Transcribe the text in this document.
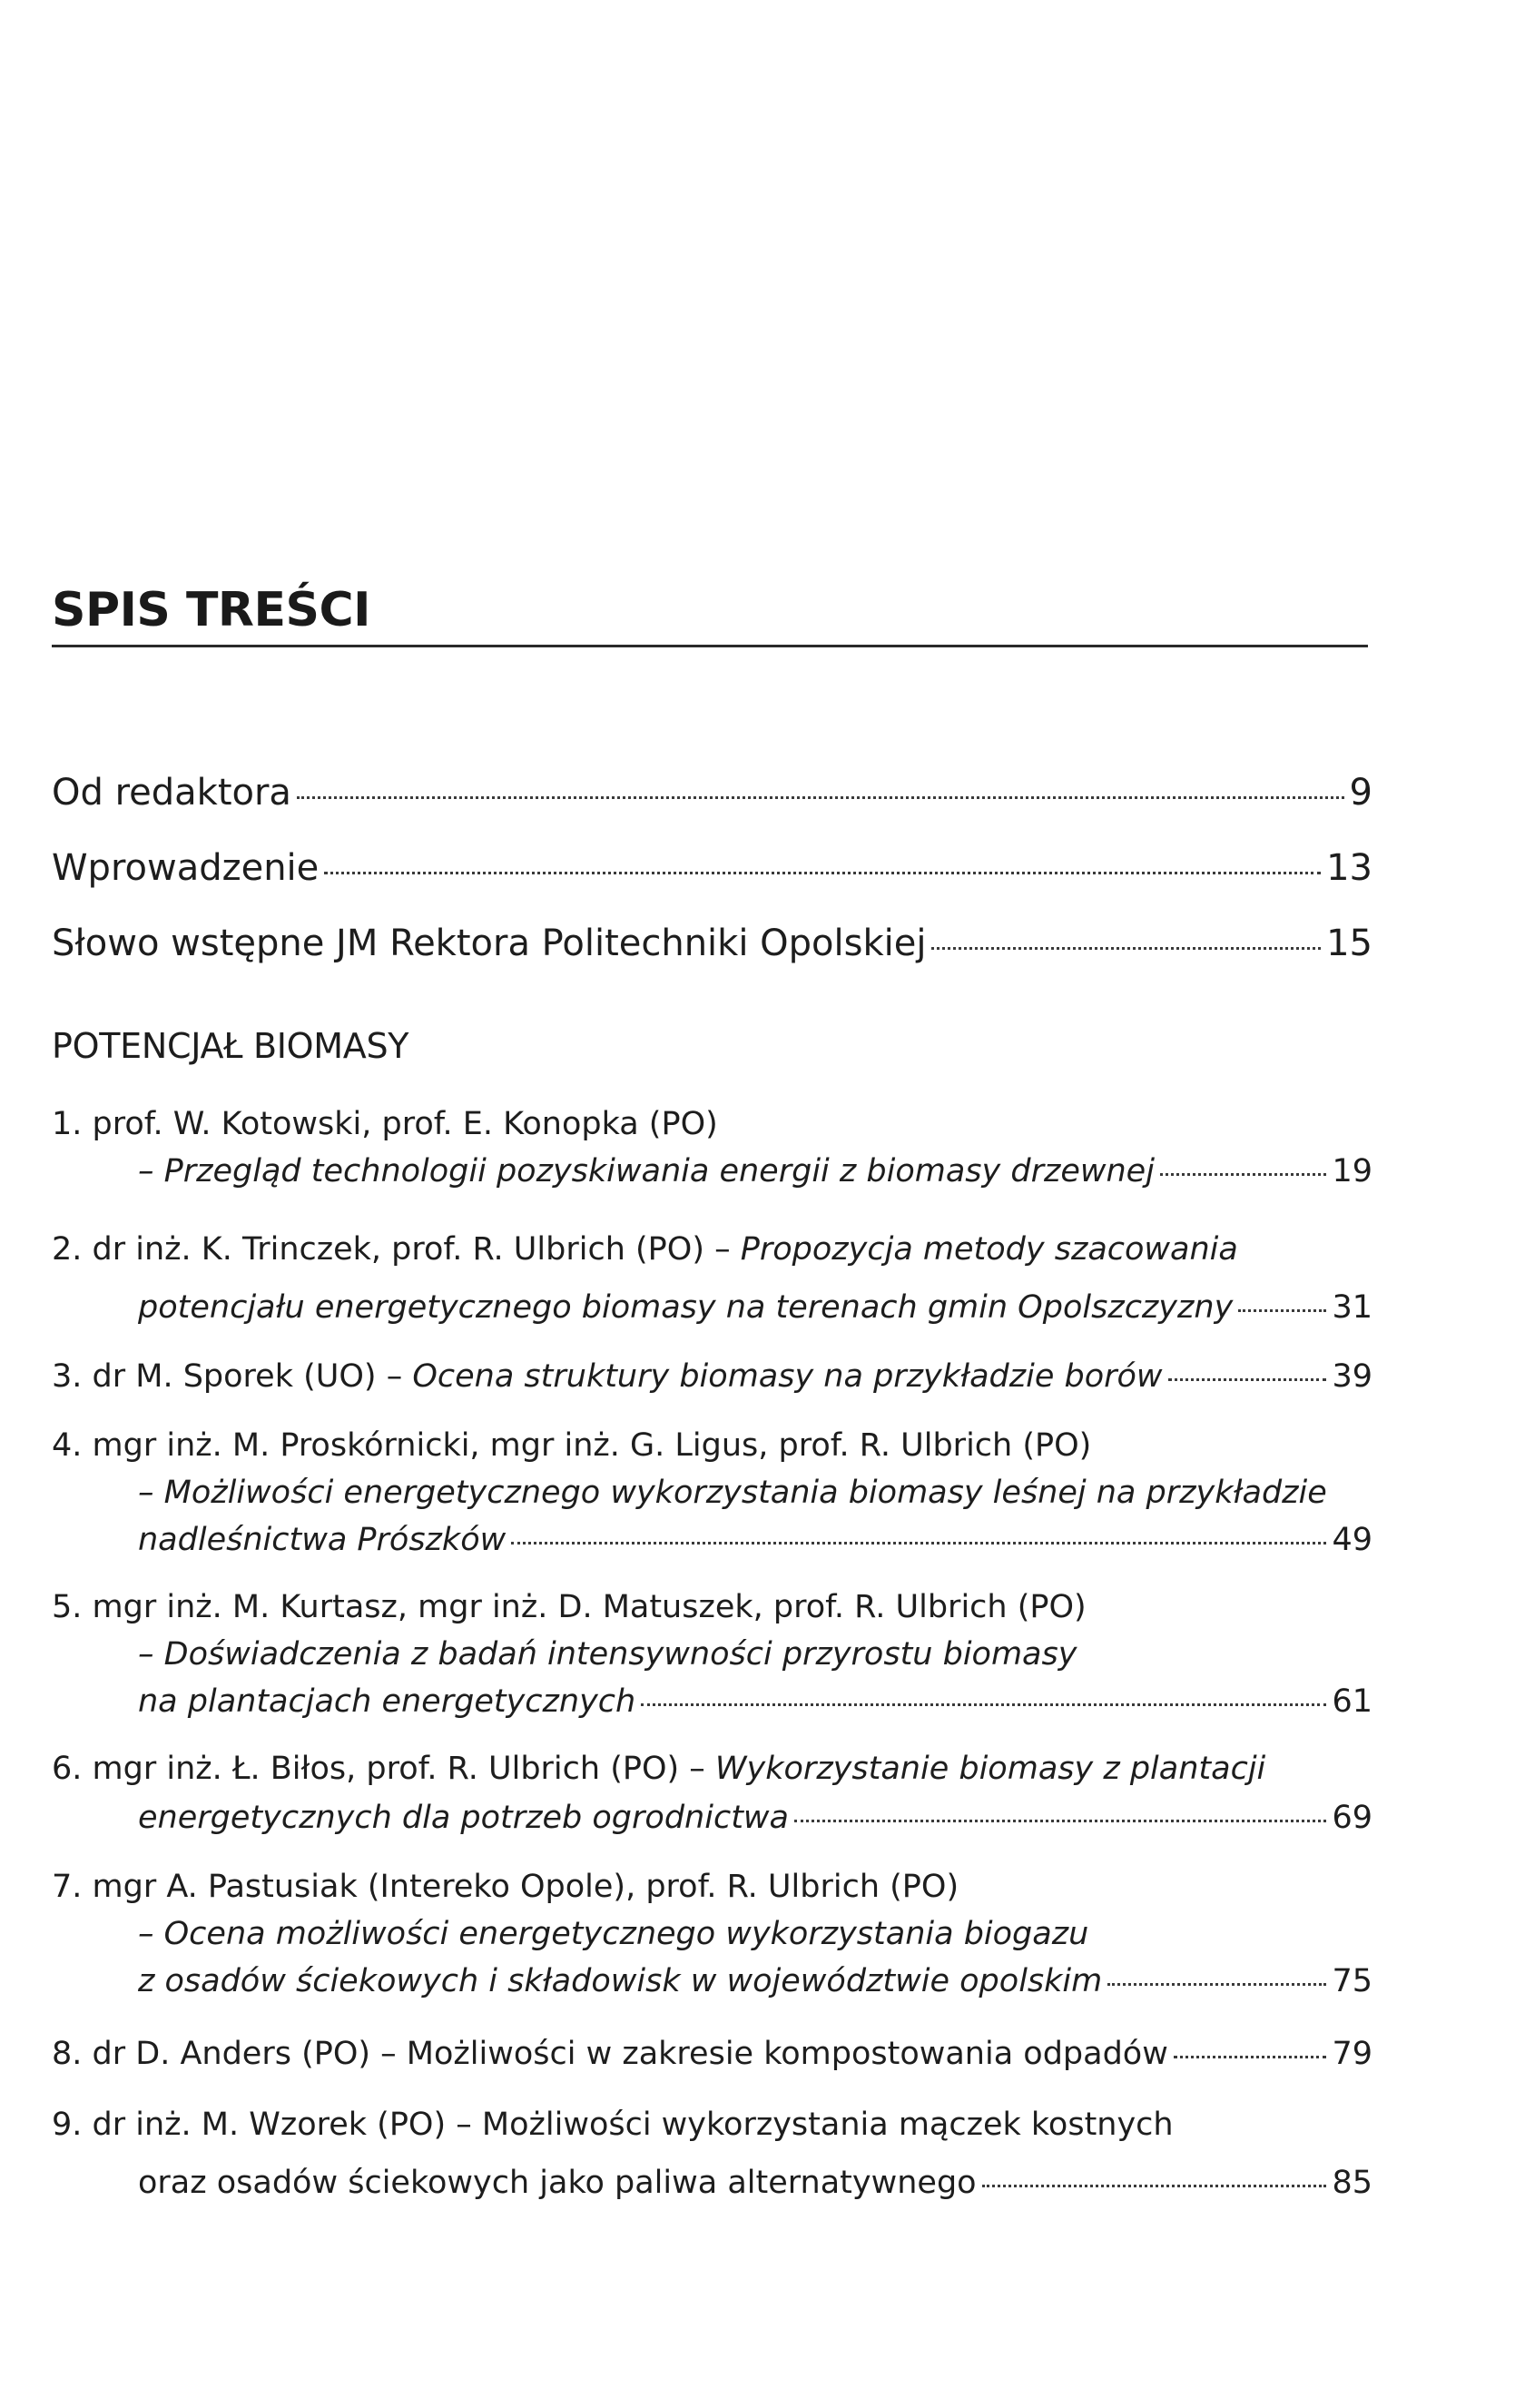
SPIS TREŚCI
Od redaktora	9
Wprowadzenie	13
Słowo wstępne JM Rektora Politechniki Opolskiej	15
POTENCJAŁ BIOMASY
1. prof. W. Kotowski, prof. E. Konopka (PO)
– Przegląd technologii pozyskiwania energii z biomasy drzewnej	19
2. dr inż. K. Trinczek, prof. R. Ulbrich (PO) – Propozycja metody szacowania
potencjału energetycznego biomasy na terenach gmin Opolszczyzny	31
3. dr M. Sporek (UO) – Ocena struktury biomasy na przykładzie borów	39
4. mgr inż. M. Proskórnicki, mgr inż. G. Ligus, prof. R. Ulbrich (PO)
– Możliwości energetycznego wykorzystania biomasy leśnej na przykładzie
nadleśnictwa Prószków	49
5. mgr inż. M. Kurtasz, mgr inż. D. Matuszek, prof. R. Ulbrich (PO)
– Doświadczenia z badań intensywności przyrostu biomasy
na plantacjach energetycznych	61
6. mgr inż. Ł. Biłos, prof. R. Ulbrich (PO) – Wykorzystanie biomasy z plantacji
energetycznych dla potrzeb ogrodnictwa	69
7. mgr A. Pastusiak (Intereko Opole), prof. R. Ulbrich (PO)
– Ocena możliwości energetycznego wykorzystania biogazu
z osadów ściekowych i składowisk w województwie opolskim	75
8. dr D. Anders (PO) – Możliwości w zakresie kompostowania odpadów	79
9. dr inż. M. Wzorek (PO) – Możliwości wykorzystania mączek kostnych
oraz osadów ściekowych jako paliwa alternatywnego	85
